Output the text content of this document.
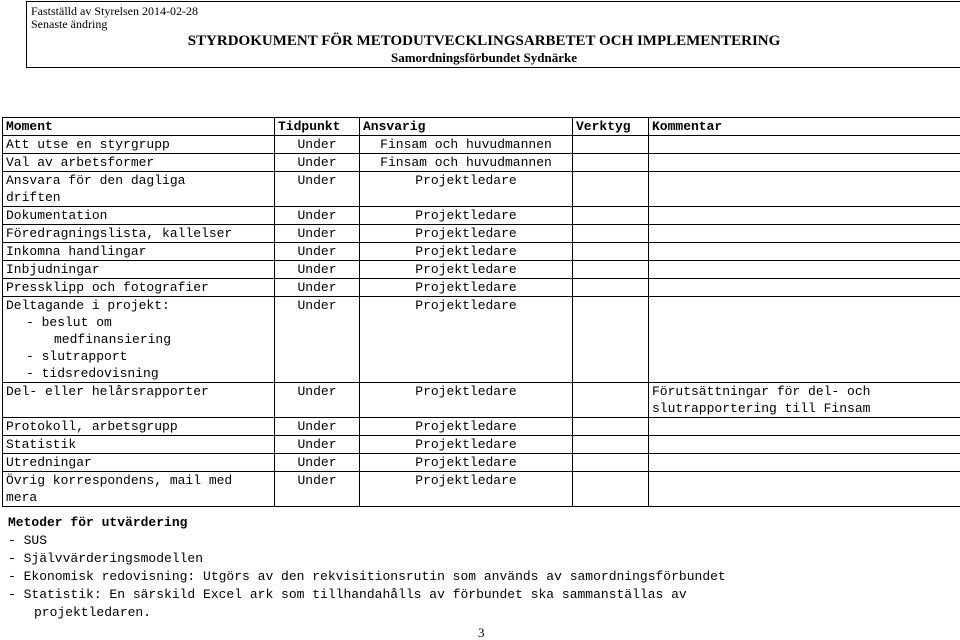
Fastställd av Styrelsen 2014-02-28
Senaste ändring
STYRDOKUMENT FÖR METODUTVECKLINGSARBETET OCH IMPLEMENTERING
Samordningsförbundet Sydnärke
Moment	Tidpunkt	Ansvarig	Verktyg	Kommentar
Att utse en styrgrupp	Under	Finsam och huvudmannen		
Val av arbetsformer	Under	Finsam och huvudmannen		

Ansvara för den dagliga
driften	Under	Projektledare		
Dokumentation	Under	Projektledare		
Föredragningslista, kallelser	Under	Projektledare		
Inkomna handlingar	Under	Projektledare		
Inbjudningar	Under	Projektledare		
Pressklipp och fotografier	Under	Projektledare		

Deltagande i projekt:
- beslut om
medfinansiering
- slutrapport
- tidsredovisning	Under	Projektledare		
Del- eller helårsrapporter	Under	Projektledare		Förutsättningar för del- och
slutrapportering till Finsam

Protokoll, arbetsgrupp	Under	Projektledare		
Statistik	Under	Projektledare		
Utredningar	Under	Projektledare		

Övrig korrespondens, mail med
mera	Under	Projektledare		
Metoder för utvärdering
- SUS
- Självvärderingsmodellen
- Ekonomisk redovisning: Utgörs av den rekvisitionsrutin som används av samordningsförbundet
- Statistik: En särskild Excel ark som tillhandahålls av förbundet ska sammanställas av
projektledaren.
3
